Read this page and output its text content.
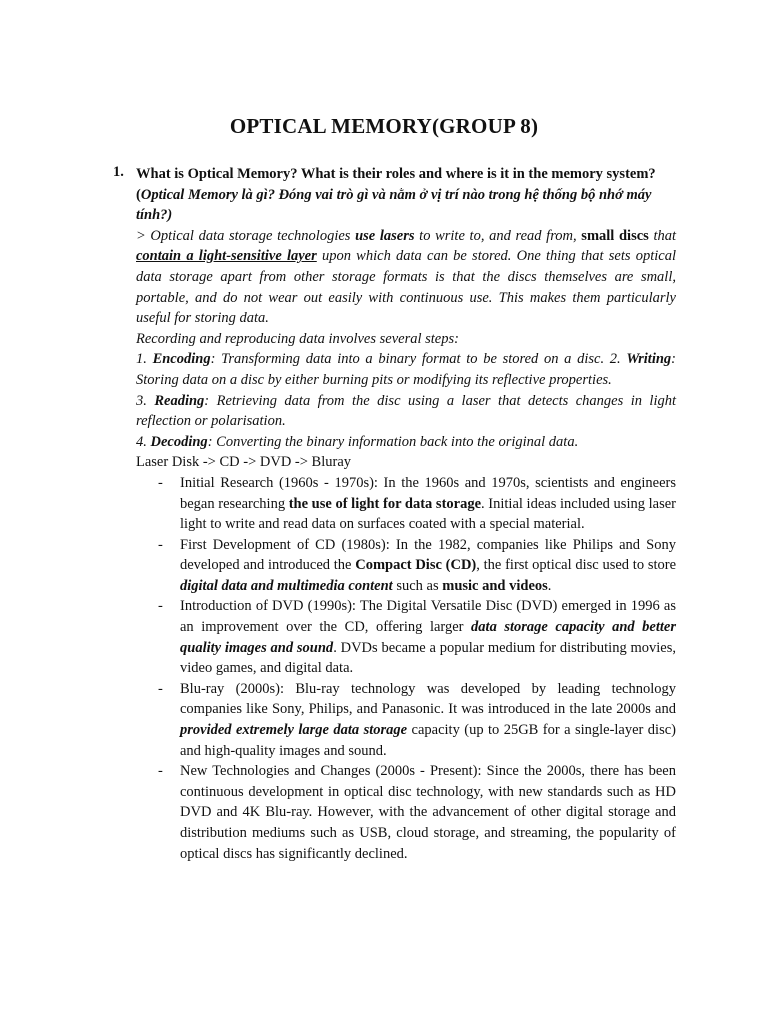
OPTICAL MEMORY(GROUP 8)
1. What is Optical Memory? What is their roles and where is it in the memory system? (Optical Memory là gì? Đóng vai trò gì và nằm ở vị trí nào trong hệ thống bộ nhớ máy tính?)

> Optical data storage technologies use lasers to write to, and read from, small discs that contain a light-sensitive layer upon which data can be stored. One thing that sets optical data storage apart from other storage formats is that the discs themselves are small, portable, and do not wear out easily with continuous use. This makes them particularly useful for storing data.

Recording and reproducing data involves several steps:

1. Encoding: Transforming data into a binary format to be stored on a disc. 2. Writing: Storing data on a disc by either burning pits or modifying its reflective properties.

3. Reading: Retrieving data from the disc using a laser that detects changes in light reflection or polarisation.

4. Decoding: Converting the binary information back into the original data.

Laser Disk -> CD -> DVD -> Bluray

- Initial Research (1960s - 1970s): In the 1960s and 1970s, scientists and engineers began researching the use of light for data storage. Initial ideas included using laser light to write and read data on surfaces coated with a special material.
- First Development of CD (1980s): In the 1982, companies like Philips and Sony developed and introduced the Compact Disc (CD), the first optical disc used to store digital data and multimedia content such as music and videos.
- Introduction of DVD (1990s): The Digital Versatile Disc (DVD) emerged in 1996 as an improvement over the CD, offering larger data storage capacity and better quality images and sound. DVDs became a popular medium for distributing movies, video games, and digital data.
- Blu-ray (2000s): Blu-ray technology was developed by leading technology companies like Sony, Philips, and Panasonic. It was introduced in the late 2000s and provided extremely large data storage capacity (up to 25GB for a single-layer disc) and high-quality images and sound.
- New Technologies and Changes (2000s - Present): Since the 2000s, there has been continuous development in optical disc technology, with new standards such as HD DVD and 4K Blu-ray. However, with the advancement of other digital storage and distribution mediums such as USB, cloud storage, and streaming, the popularity of optical discs has significantly declined.
